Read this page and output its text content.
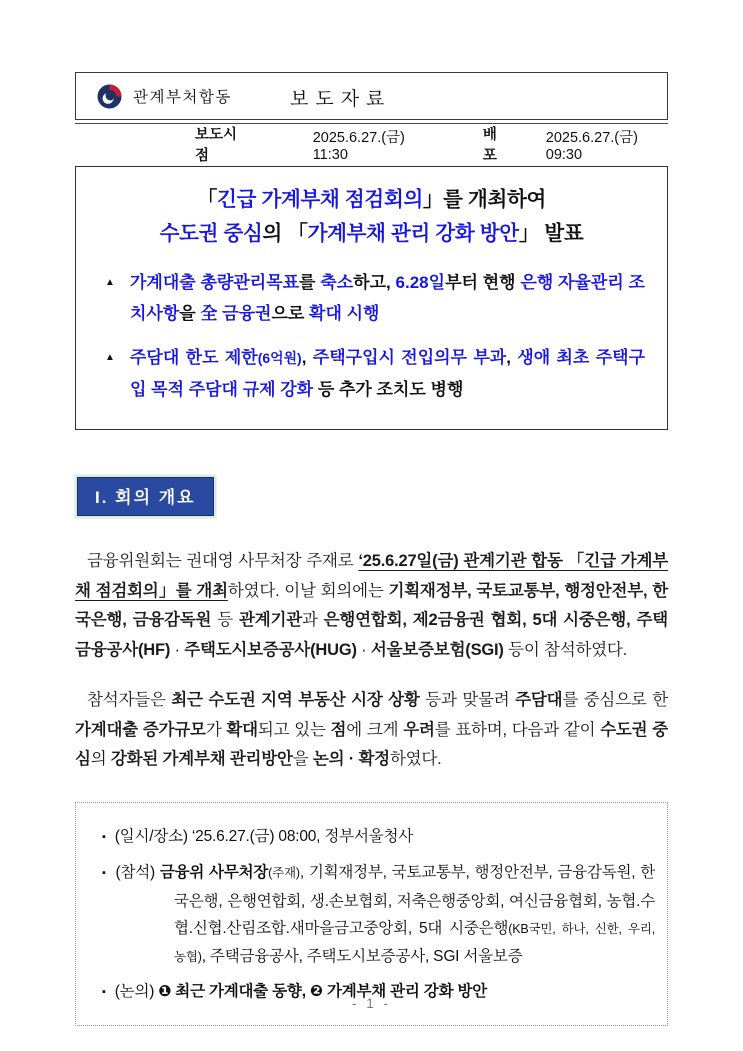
관계부처합동	보도자료
보도시점
2025.6.27.(금) 11:30
배포
2025.6.27.(금) 09:30
「긴급 가계부채 점검회의」를 개최하여
수도권 중심의 「가계부채 관리 강화 방안」 발표
▲ 가계대출 총량관리목표를 축소하고, 6.28일부터 현행 은행 자율관리 조치사항을 全 금융권으로 확대 시행
▲ 주담대 한도 제한(6억원), 주택구입시 전입의무 부과, 생애 최초 주택구입 목적 주담대 규제 강화 등 추가 조치도 병행
I. 회의 개요

금융위원회는 권대영 사무처장 주재로 ‘25.6.27일(금) 관계기관 합동 「긴급 가계부채 점검회의」를 개최하였다. 이날 회의에는 기획재정부, 국토교통부, 행정안전부, 한국은행, 금융감독원 등 관계기관과 은행연합회, 제2금융권 협회, 5대 시중은행, 주택금융공사(HF) · 주택도시보증공사(HUG) · 서울보증보험(SGI) 등이 참석하였다.

참석자들은 최근 수도권 지역 부동산 시장 상황 등과 맞물려 주담대를 중심으로 한 가계대출 증가규모가 확대되고 있는 점에 크게 우려를 표하며, 다음과 같이 수도권 중심의 강화된 가계부채 관리방안을 논의 · 확정하였다.

▪ (일시/장소) ‘25.6.27.(금) 08:00, 정부서울청사
▪ (참석) 금융위 사무처장(주재), 기획재정부, 국토교통부, 행정안전부, 금융감독원, 한국은행, 은행연합회, 생.손보협회, 저축은행중앙회, 여신금융협회, 농협.수협.신협.산림조합.새마을금고중앙회, 5대 시중은행(KB국민, 하나, 신한, 우리, 농협), 주택금융공사, 주택도시보증공사, SGI 서울보증
▪ (논의) ❶ 최근 가계대출 동향, ❷ 가계부채 관리 강화 방안
- 1 -
